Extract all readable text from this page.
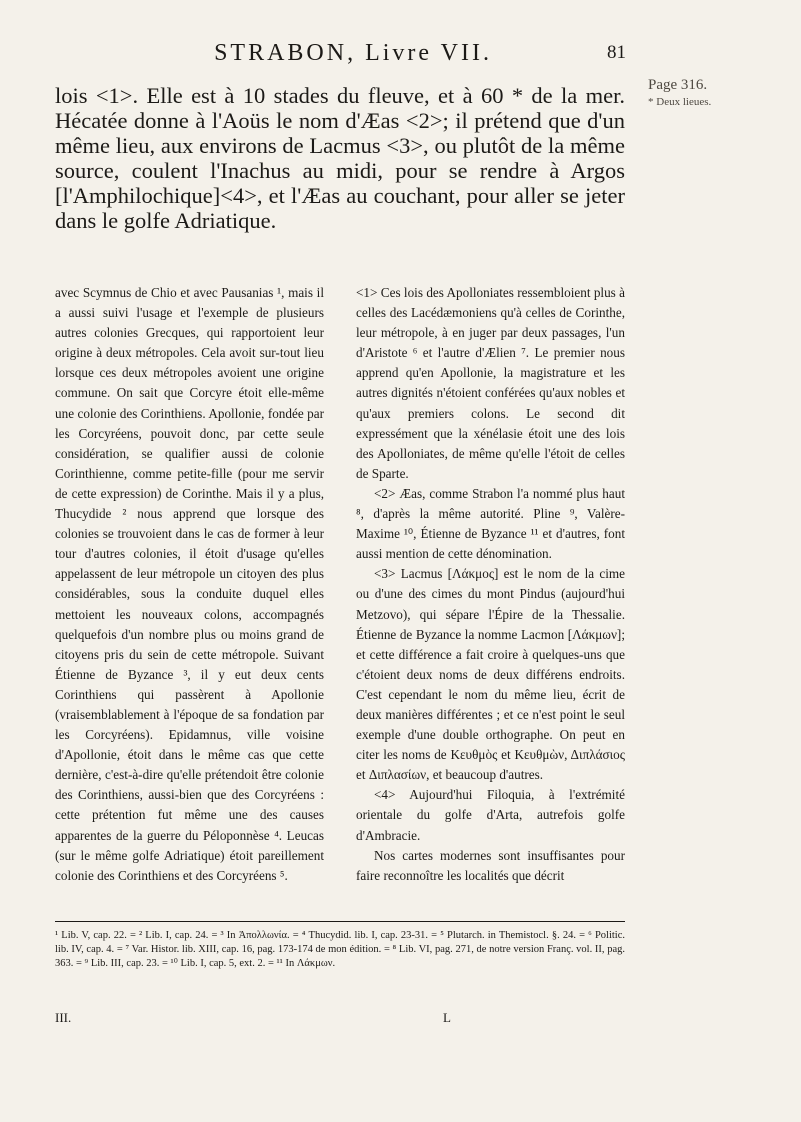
STRABON, Livre VII.	81
Page 316.
* Deux lieues.
lois <1>. Elle est à 10 stades du fleuve, et à 60 * de la mer. Hécatée donne à l'Aoüs le nom d'Æas <2>; il prétend que d'un même lieu, aux environs de Lacmus <3>, ou plutôt de la même source, coulent l'Inachus au midi, pour se rendre à Argos [l'Amphilochique]<4>, et l'Æas au couchant, pour aller se jeter dans le golfe Adriatique.

avec Scymnus de Chio et avec Pausanias ¹, mais il a aussi suivi l'usage et l'exemple de plusieurs autres colonies Grecques, qui rapportoient leur origine à deux métropoles. Cela avoit sur-tout lieu lorsque ces deux métropoles avoient une origine commune. On sait que Corcyre étoit elle-même une colonie des Corinthiens. Apollonie, fondée par les Corcyréens, pouvoit donc, par cette seule considération, se qualifier aussi de colonie Corinthienne, comme petite-fille (pour me servir de cette expression) de Corinthe. Mais il y a plus, Thucydide ² nous apprend que lorsque des colonies se trouvoient dans le cas de former à leur tour d'autres colonies, il étoit d'usage qu'elles appelassent de leur métropole un citoyen des plus considérables, sous la conduite duquel elles mettoient les nouveaux colons, accompagnés quelquefois d'un nombre plus ou moins grand de citoyens pris du sein de cette métropole. Suivant Étienne de Byzance ³, il y eut deux cents Corinthiens qui passèrent à Apollonie (vraisemblablement à l'époque de sa fondation par les Corcyréens). Epidamnus, ville voisine d'Apollonie, étoit dans le même cas que cette dernière, c'est-à-dire qu'elle prétendoit être colonie des Corinthiens, aussi-bien que des Corcyréens : cette prétention fut même une des causes apparentes de la guerre du Péloponnèse ⁴. Leucas (sur le même golfe Adriatique) étoit pareillement colonie des Corinthiens et des Corcyréens ⁵.

<1> Ces lois des Apolloniates ressembloient plus à celles des Lacédæmoniens qu'à celles de Corinthe, leur métropole, à en juger par deux passages, l'un d'Aristote ⁶ et l'autre d'Ælien ⁷. Le premier nous apprend qu'en Apollonie, la magistrature et les autres dignités n'étoient conférées qu'aux nobles et qu'aux premiers colons. Le second dit expressément que la xénélasie étoit une des lois des Apolloniates, de même qu'elle l'étoit de celles de Sparte.

<2> Æas, comme Strabon l'a nommé plus haut ⁸, d'après la même autorité. Pline ⁹, Valère-Maxime ¹⁰, Étienne de Byzance ¹¹ et d'autres, font aussi mention de cette dénomination.

<3> Lacmus [Λάκμος] est le nom de la cime ou d'une des cimes du mont Pindus (aujourd'hui Metzovo), qui sépare l'Épire de la Thessalie. Étienne de Byzance la nomme Lacmon [Λάκμων]; et cette différence a fait croire à quelques-uns que c'étoient deux noms de deux différens endroits. C'est cependant le nom du même lieu, écrit de deux manières différentes ; et ce n'est point le seul exemple d'une double orthographe. On peut en citer les noms de Κευθμὸς et Κευθμὼν, Διπλάσιος et Διπλασίων, et beaucoup d'autres.

<4> Aujourd'hui Filoquia, à l'extrémité orientale du golfe d'Arta, autrefois golfe d'Ambracie.

Nos cartes modernes sont insuffisantes pour faire reconnoître les localités que décrit

¹ Lib. V, cap. 22. = ² Lib. I, cap. 24. = ³ In Ἀπολλωνία. = ⁴ Thucydid. lib. I, cap. 23-31. = ⁵ Plutarch. in Themistocl. §. 24. = ⁶ Politic. lib. IV, cap. 4. = ⁷ Var. Histor. lib. XIII, cap. 16, pag. 173-174 de mon édition. = ⁸ Lib. VI, pag. 271, de notre version Franç. vol. II, pag. 363. = ⁹ Lib. III, cap. 23. = ¹⁰ Lib. I, cap. 5, ext. 2. = ¹¹ In Λάκμων.
III.	L
